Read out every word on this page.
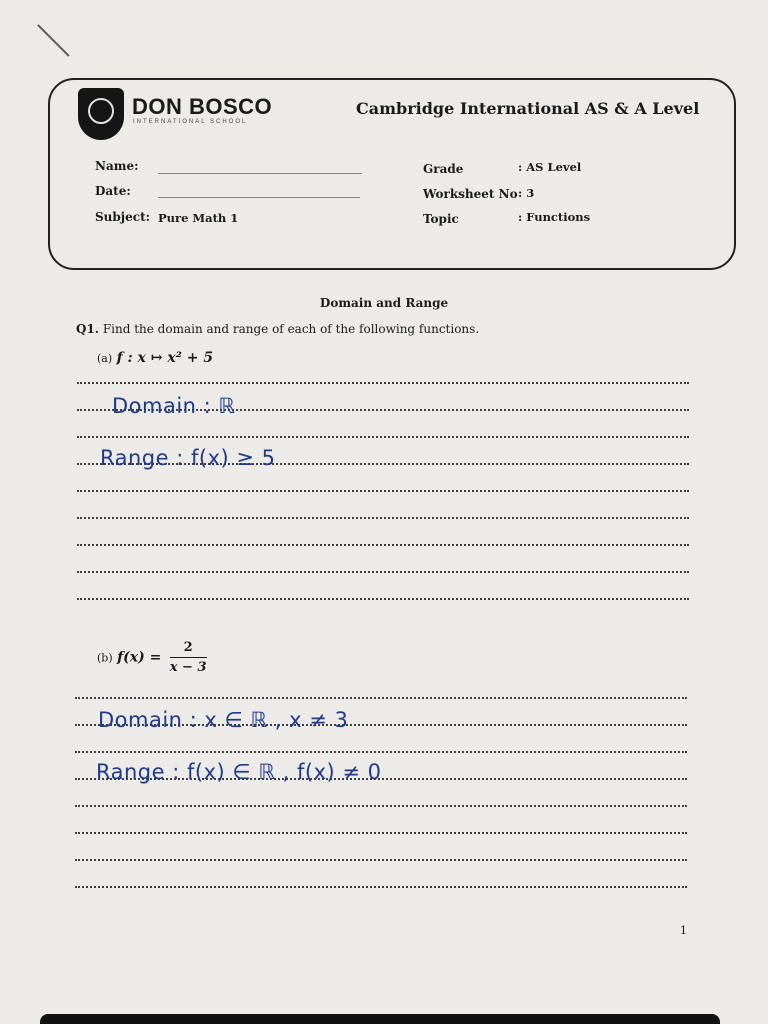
DON BOSCO
INTERNATIONAL SCHOOL
Cambridge International AS & A Level
Name:
Date:
Subject: Pure Math 1
Grade	: AS Level
Worksheet No : 3
Topic	: Functions
Domain and Range
Q1. Find the domain and range of each of the following functions.
(a) f : x ↦ x² + 5
Domain : ℝ
Range : f(x) ≥ 5
(b) $f(x) = \frac{2}{x - 3}$
Domain : x ∈ ℝ , x ≠ 3
Range : f(x) ∈ ℝ , f(x) ≠ 0
1
